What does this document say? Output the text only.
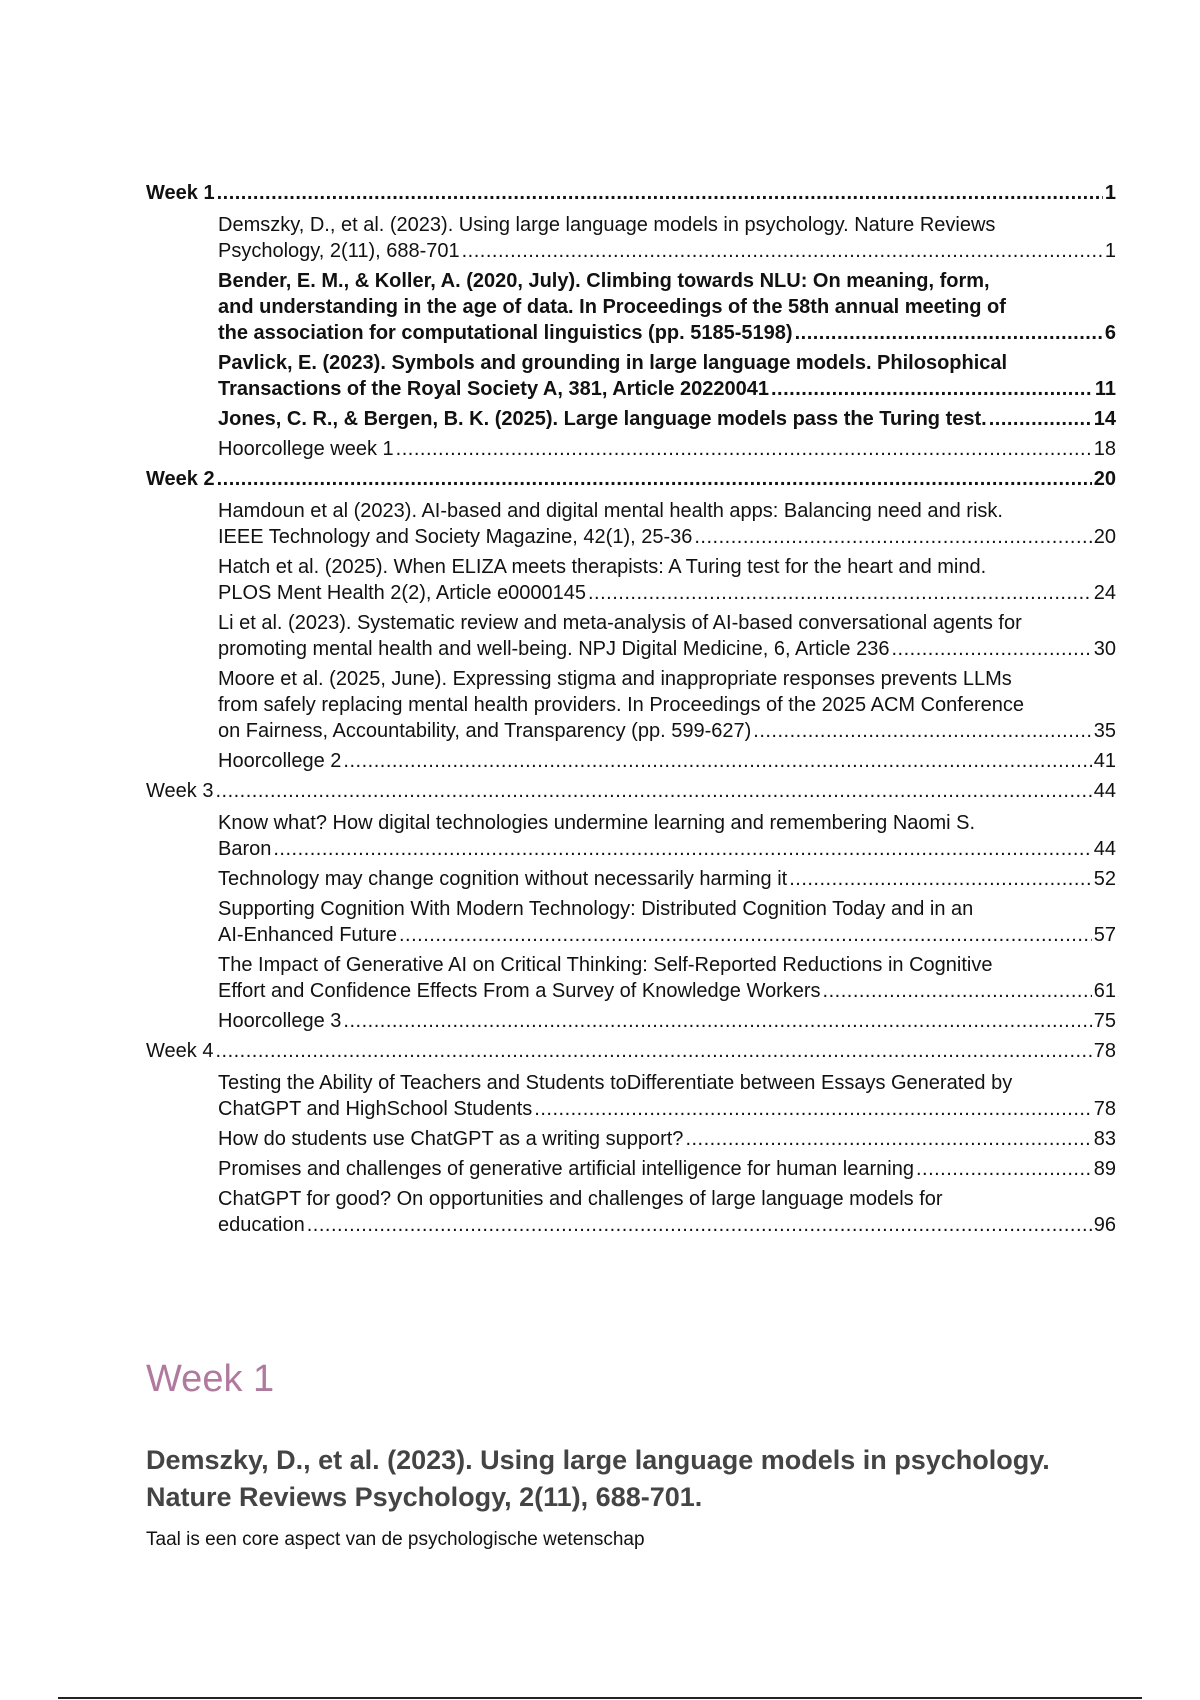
Week 1 .....	1
Demszky, D., et al. (2023). Using large language models in psychology. Nature Reviews
Psychology, 2(11), 688-701 .....	1
Bender, E. M., & Koller, A. (2020, July). Climbing towards NLU: On meaning, form,
and understanding in the age of data. In Proceedings of the 58th annual meeting of
the association for computational linguistics (pp. 5185-5198) .....	6
Pavlick, E. (2023). Symbols and grounding in large language models. Philosophical
Transactions of the Royal Society A, 381, Article 20220041 .....	11
Jones, C. R., & Bergen, B. K. (2025). Large language models pass the Turing test. .....	14
Hoorcollege week 1 .....	18
Week 2 .....	20
Hamdoun et al (2023). AI-based and digital mental health apps: Balancing need and risk.
IEEE Technology and Society Magazine, 42(1), 25-36 .....	20
Hatch et al. (2025). When ELIZA meets therapists: A Turing test for the heart and mind.
PLOS Ment Health 2(2), Article e0000145 .....	24
Li et al. (2023). Systematic review and meta-analysis of AI-based conversational agents for
promoting mental health and well-being. NPJ Digital Medicine, 6, Article 236 .....	30
Moore et al. (2025, June). Expressing stigma and inappropriate responses prevents LLMs
from safely replacing mental health providers. In Proceedings of the 2025 ACM Conference
on Fairness, Accountability, and Transparency (pp. 599-627) .....	35
Hoorcollege 2 .....	41
Week 3 .....	44
Know what? How digital technologies undermine learning and remembering Naomi S.
Baron .....	44
Technology may change cognition without necessarily harming it .....	52
Supporting Cognition With Modern Technology: Distributed Cognition Today and in an
AI-Enhanced Future .....	57
The Impact of Generative AI on Critical Thinking: Self-Reported Reductions in Cognitive
Effort and Confidence Effects From a Survey of Knowledge Workers .....	61
Hoorcollege 3 .....	75
Week 4 .....	78
Testing the Ability of Teachers and Students toDifferentiate between Essays Generated by
ChatGPT and HighSchool Students .....	78
How do students use ChatGPT as a writing support? .....	83
Promises and challenges of generative artificial intelligence for human learning .....	89
ChatGPT for good? On opportunities and challenges of large language models for
education .....	96
Week 1
Demszky, D., et al. (2023). Using large language models in psychology.
Nature Reviews Psychology, 2(11), 688-701.

Taal is een core aspect van de psychologische wetenschap
